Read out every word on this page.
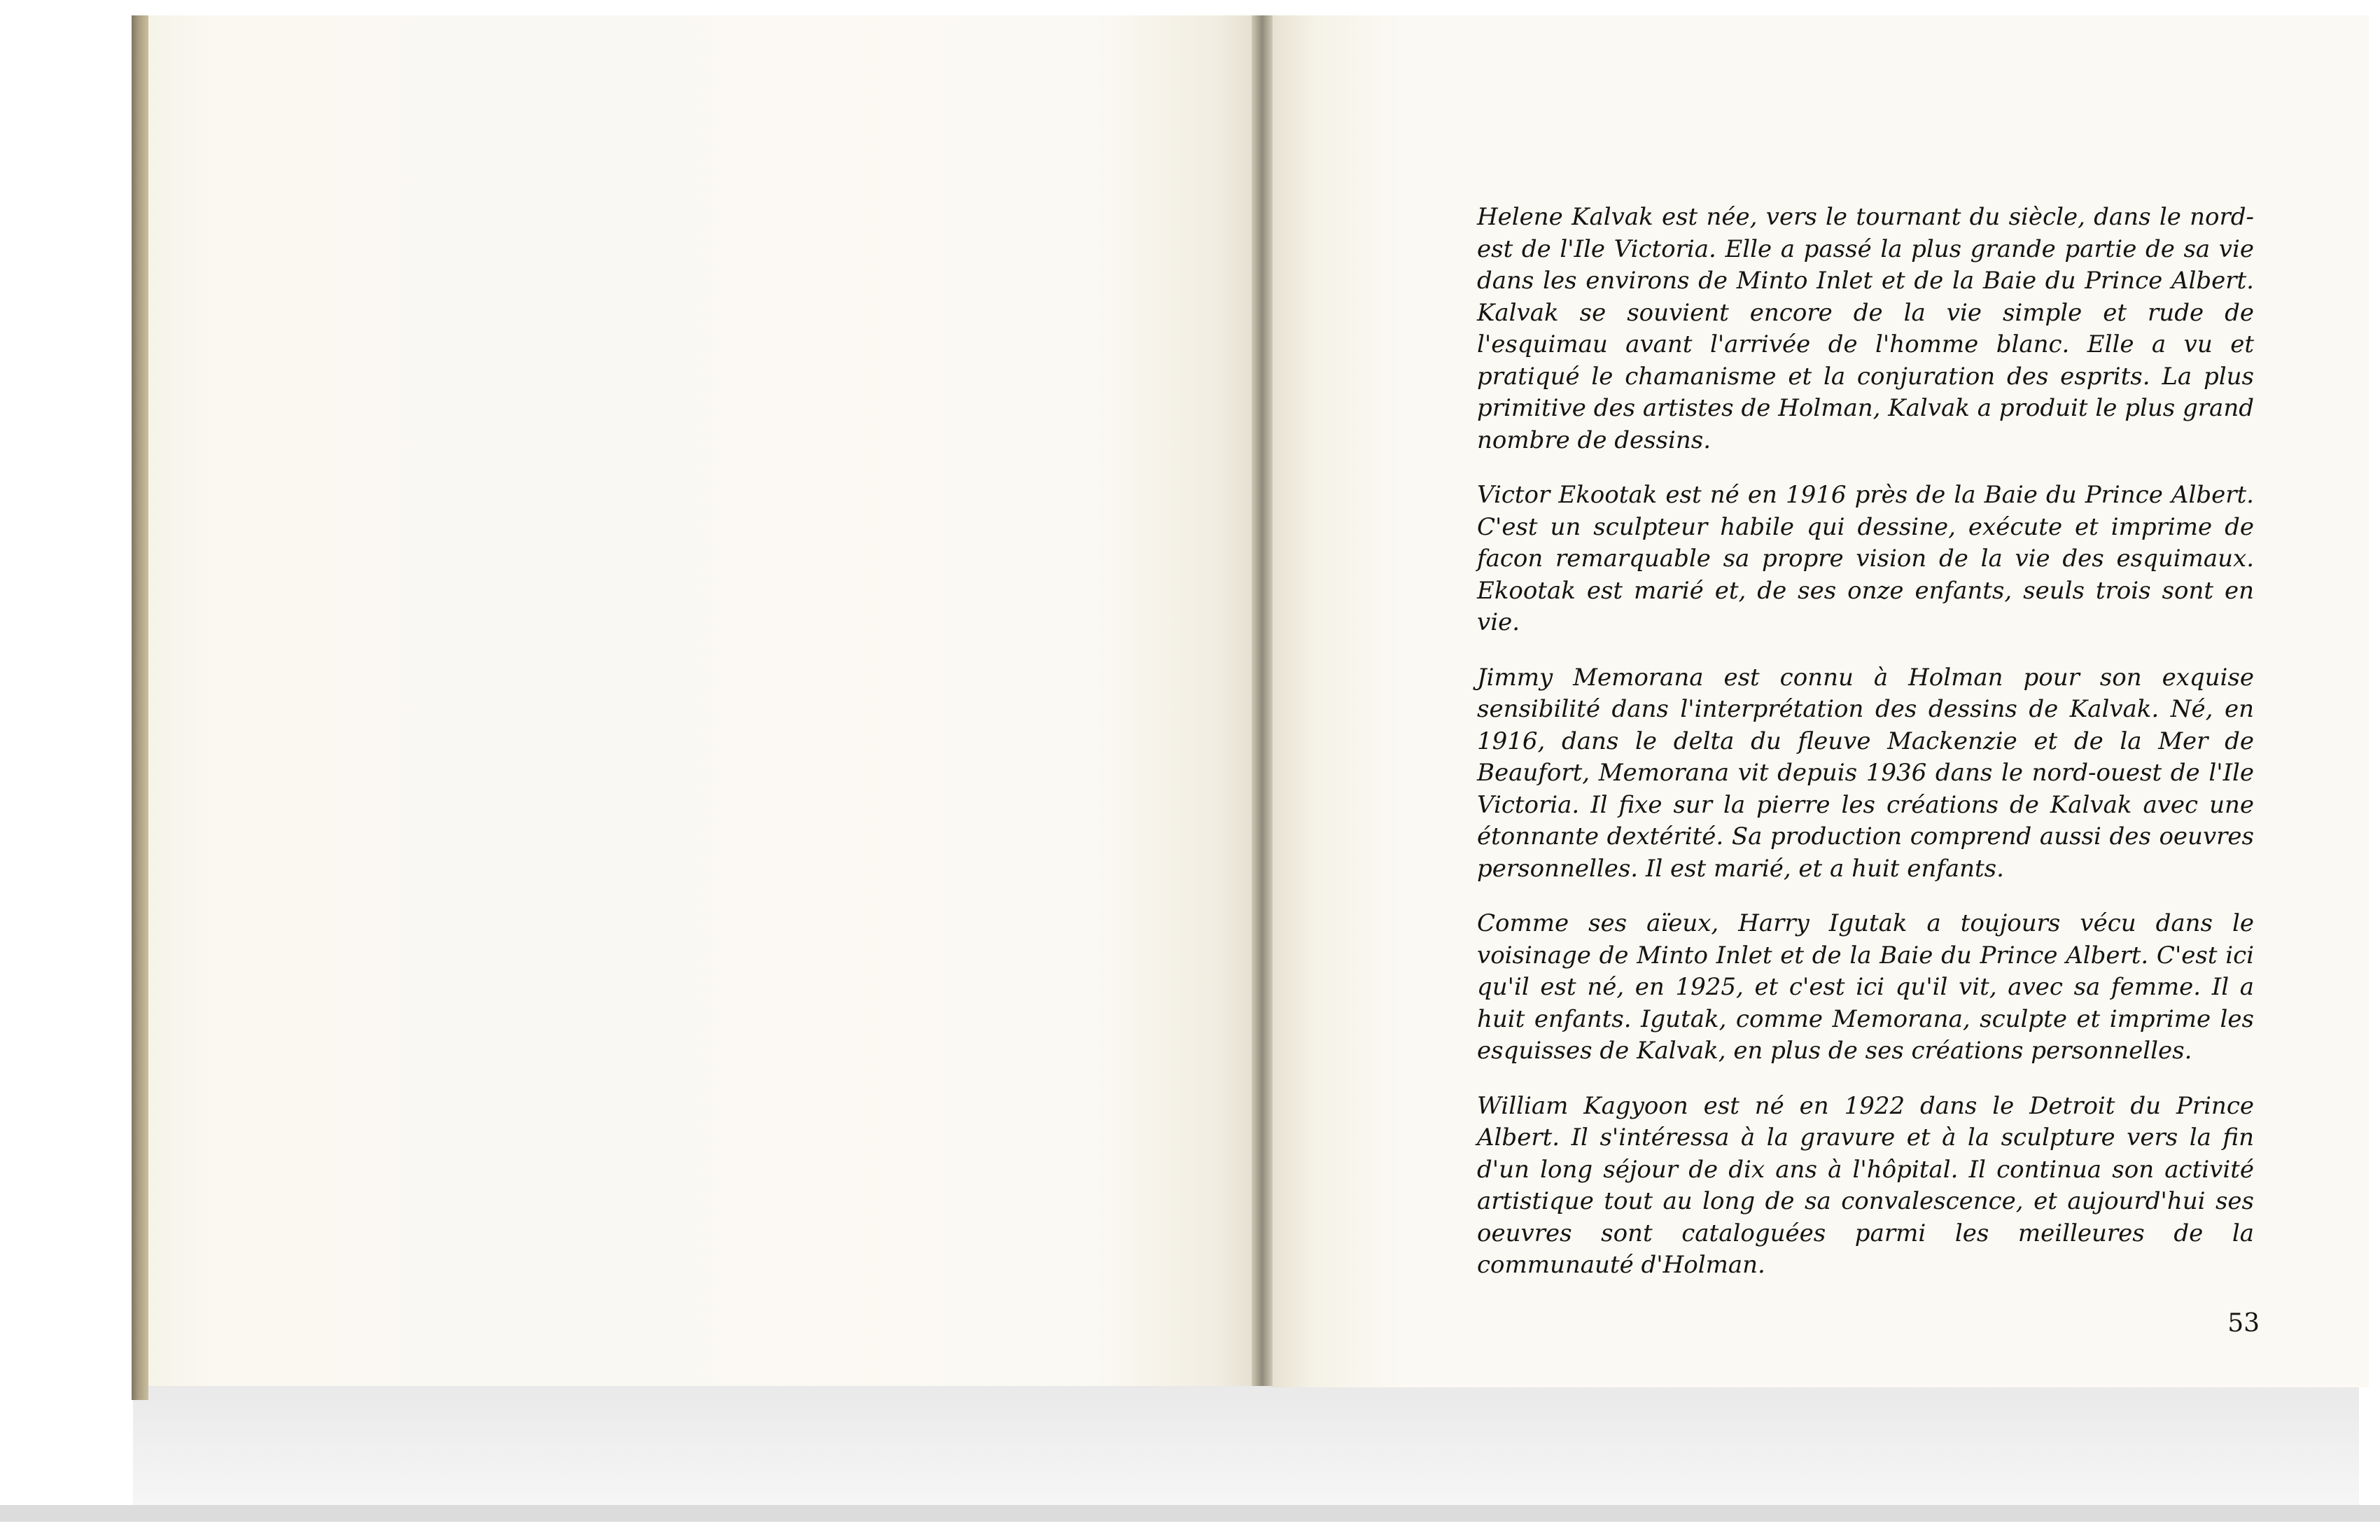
Helene Kalvak est née, vers le tournant du siècle, dans le nord-est de l'Ile Victoria. Elle a passé la plus grande partie de sa vie dans les environs de Minto Inlet et de la Baie du Prince Albert. Kalvak se souvient encore de la vie simple et rude de l'esquimau avant l'arrivée de l'homme blanc. Elle a vu et pratiqué le chamanisme et la conjuration des esprits. La plus primitive des artistes de Holman, Kalvak a produit le plus grand nombre de dessins.

Victor Ekootak est né en 1916 près de la Baie du Prince Albert. C'est un sculpteur habile qui dessine, exécute et imprime de facon remarquable sa propre vision de la vie des esquimaux. Ekootak est marié et, de ses onze enfants, seuls trois sont en vie.

Jimmy Memorana est connu à Holman pour son exquise sensibilité dans l'interprétation des dessins de Kalvak. Né, en 1916, dans le delta du fleuve Mackenzie et de la Mer de Beaufort, Memorana vit depuis 1936 dans le nord-ouest de l'Ile Victoria. Il fixe sur la pierre les créations de Kalvak avec une étonnante dextérité. Sa production comprend aussi des oeuvres personnelles. Il est marié, et a huit enfants.

Comme ses aïeux, Harry Igutak a toujours vécu dans le voisinage de Minto Inlet et de la Baie du Prince Albert. C'est ici qu'il est né, en 1925, et c'est ici qu'il vit, avec sa femme. Il a huit enfants. Igutak, comme Memorana, sculpte et imprime les esquisses de Kalvak, en plus de ses créations personnelles.

William Kagyoon est né en 1922 dans le Detroit du Prince Albert. Il s'intéressa à la gravure et à la sculpture vers la fin d'un long séjour de dix ans à l'hôpital. Il continua son activité artistique tout au long de sa convalescence, et aujourd'hui ses oeuvres sont cataloguées parmi les meilleures de la communauté d'Holman.

53
